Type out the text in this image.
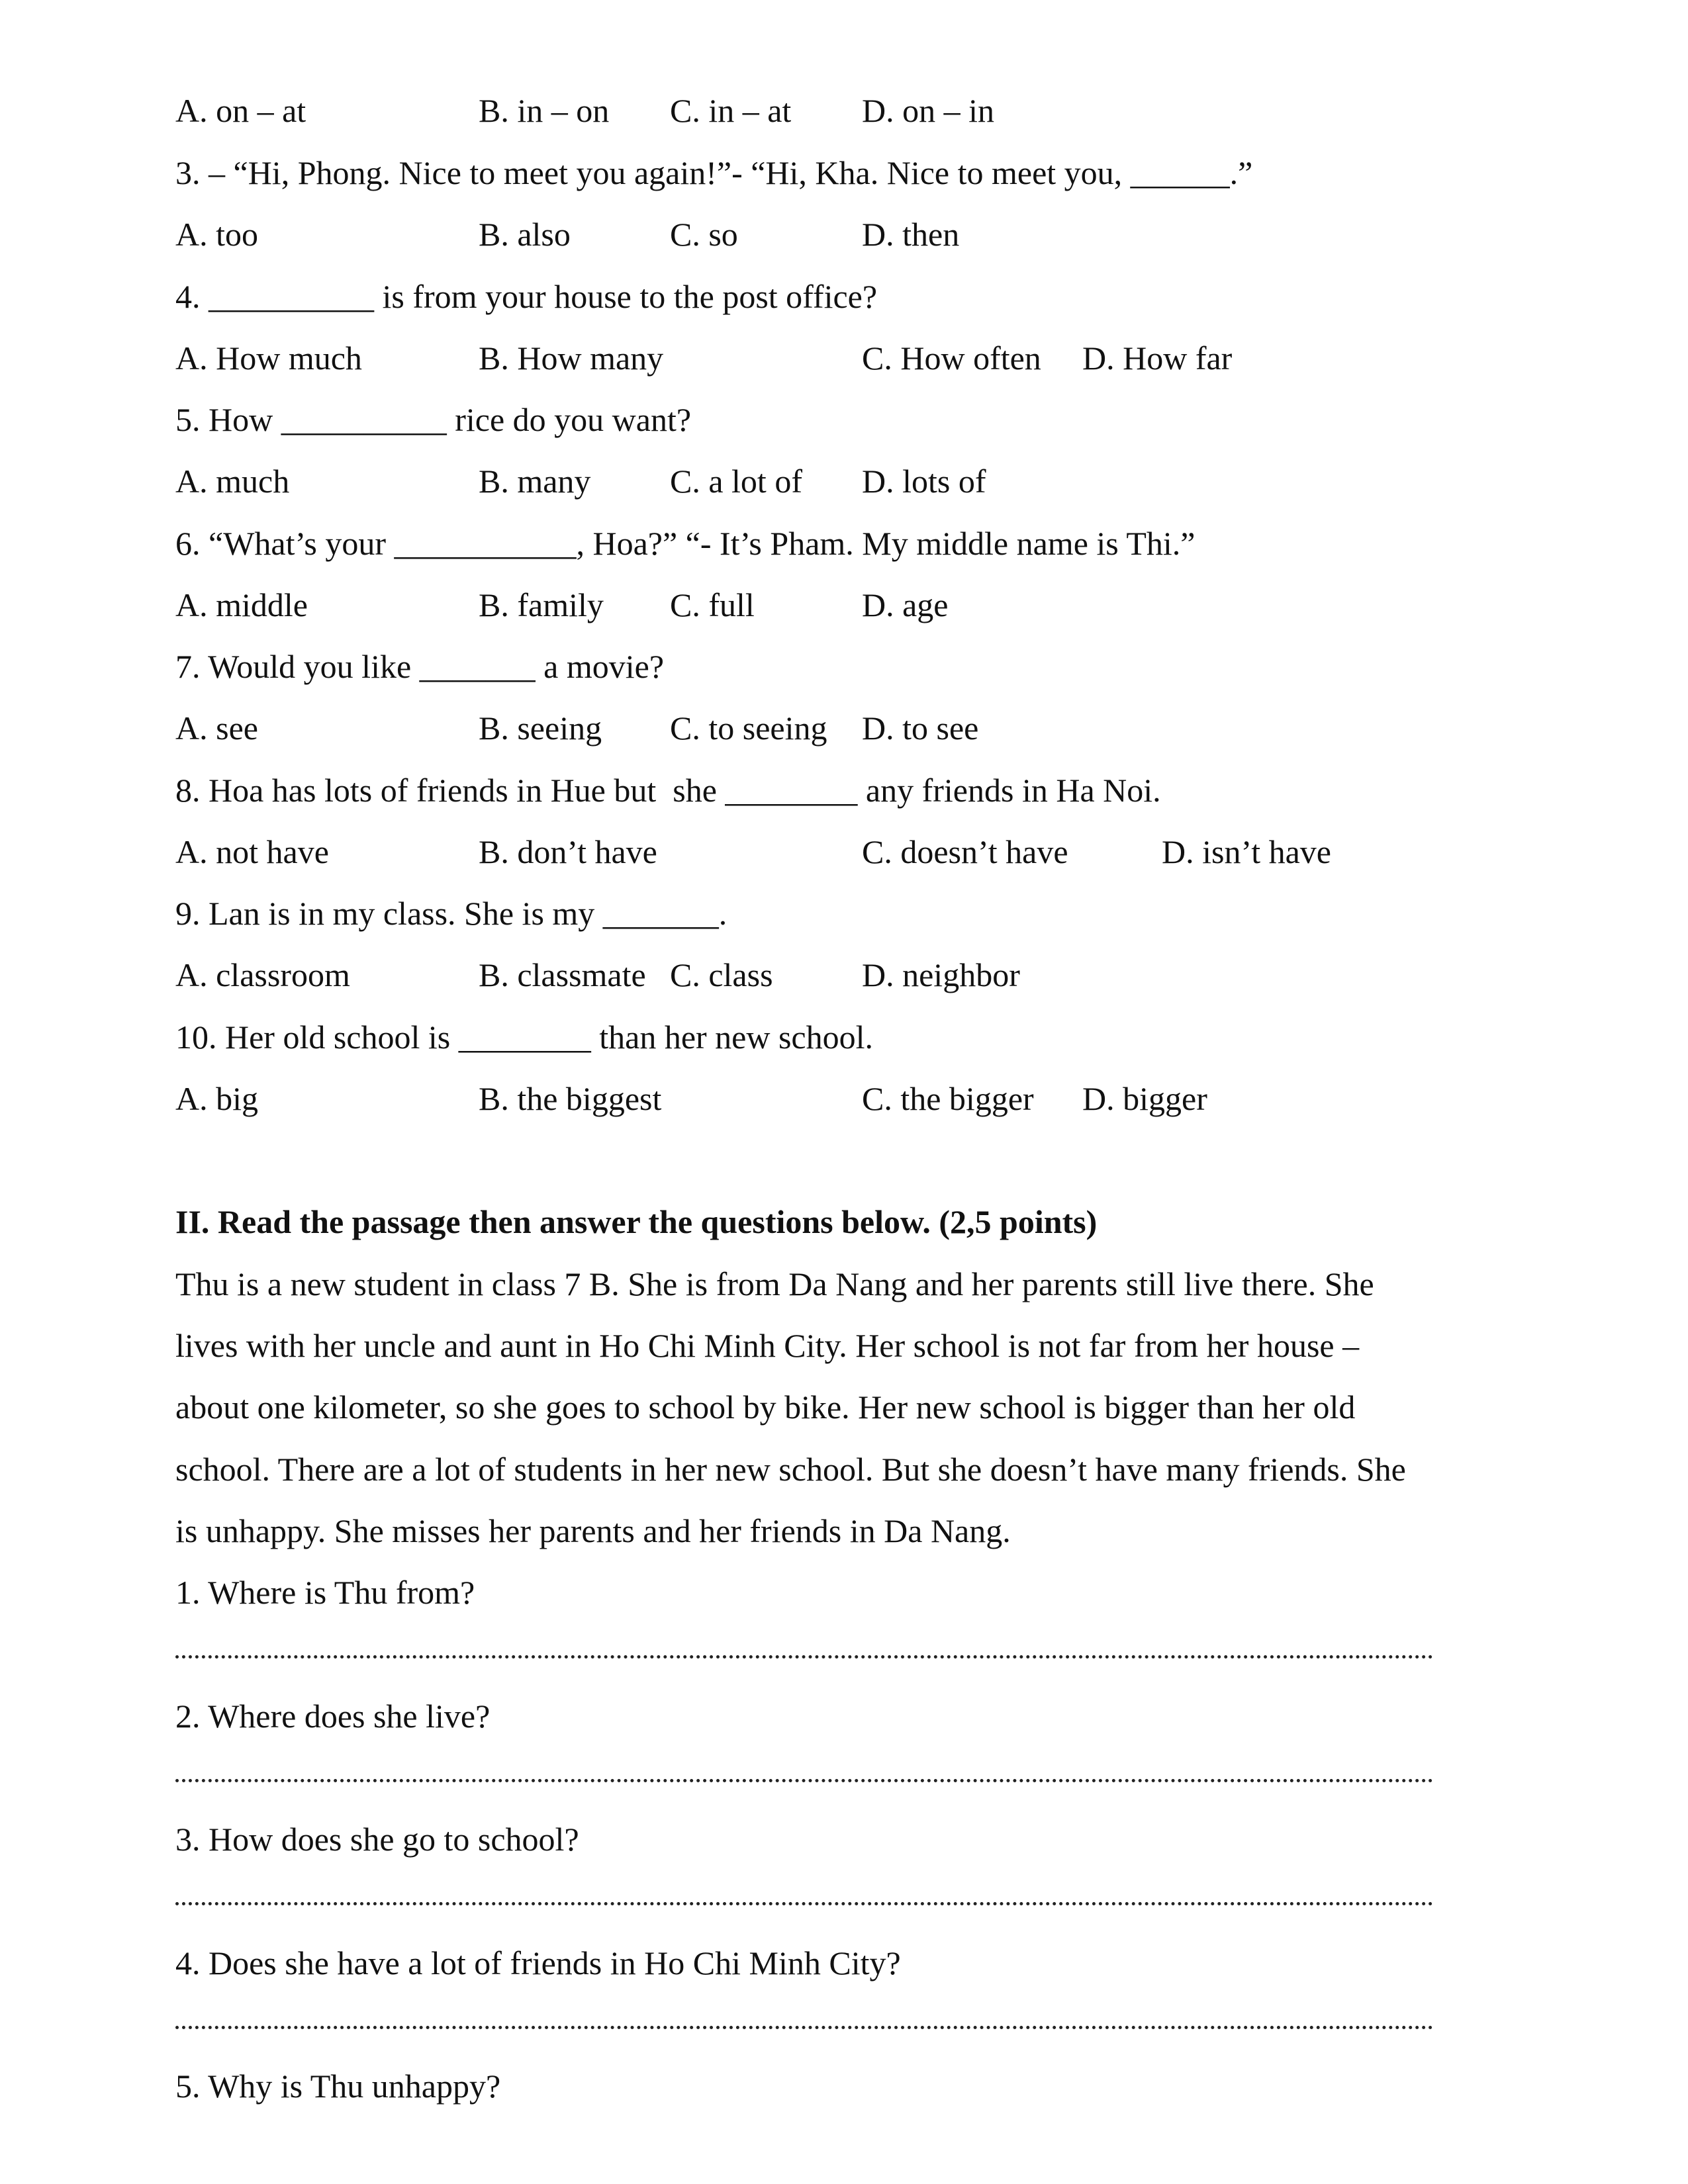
A. on – at	B. in – on C. in – at D. on – in
3. – “Hi, Phong. Nice to meet you again!”- “Hi, Kha. Nice to meet you, ______.”
A. too	B. also	C. so	D. then
4. __________ is from your house to the post office?
A. How much	B. How many	C. How often D. How far
5. How __________ rice do you want?
A. much	B. many C. a lot of D. lots of
6. “What’s your ___________, Hoa?” “- It’s Pham. My middle name is Thi.”
A. middle	B. family C. full	D. age
7. Would you like _______ a movie?
A. see	B. seeing C. to seeing D. to see
8. Hoa has lots of friends in Hue but  she ________ any friends in Ha Noi.
A. not have	B. don’t have	C. doesn’t have	D. isn’t have
9. Lan is in my class. She is my _______.
A. classroom	B. classmate C. class	D. neighbor
10. Her old school is ________ than her new school.
A. big	B. the biggest	C. the bigger D. bigger
II. Read the passage then answer the questions below. (2,5 points)
Thu is a new student in class 7 B. She is from Da Nang and her parents still live there. She
lives with her uncle and aunt in Ho Chi Minh City. Her school is not far from her house –
about one kilometer, so she goes to school by bike. Her new school is bigger than her old
school. There are a lot of students in her new school. But she doesn’t have many friends. She
is unhappy. She misses her parents and her friends in Da Nang.
1. Where is Thu from?
2. Where does she live?
3. How does she go to school?
4. Does she have a lot of friends in Ho Chi Minh City?
5. Why is Thu unhappy?
